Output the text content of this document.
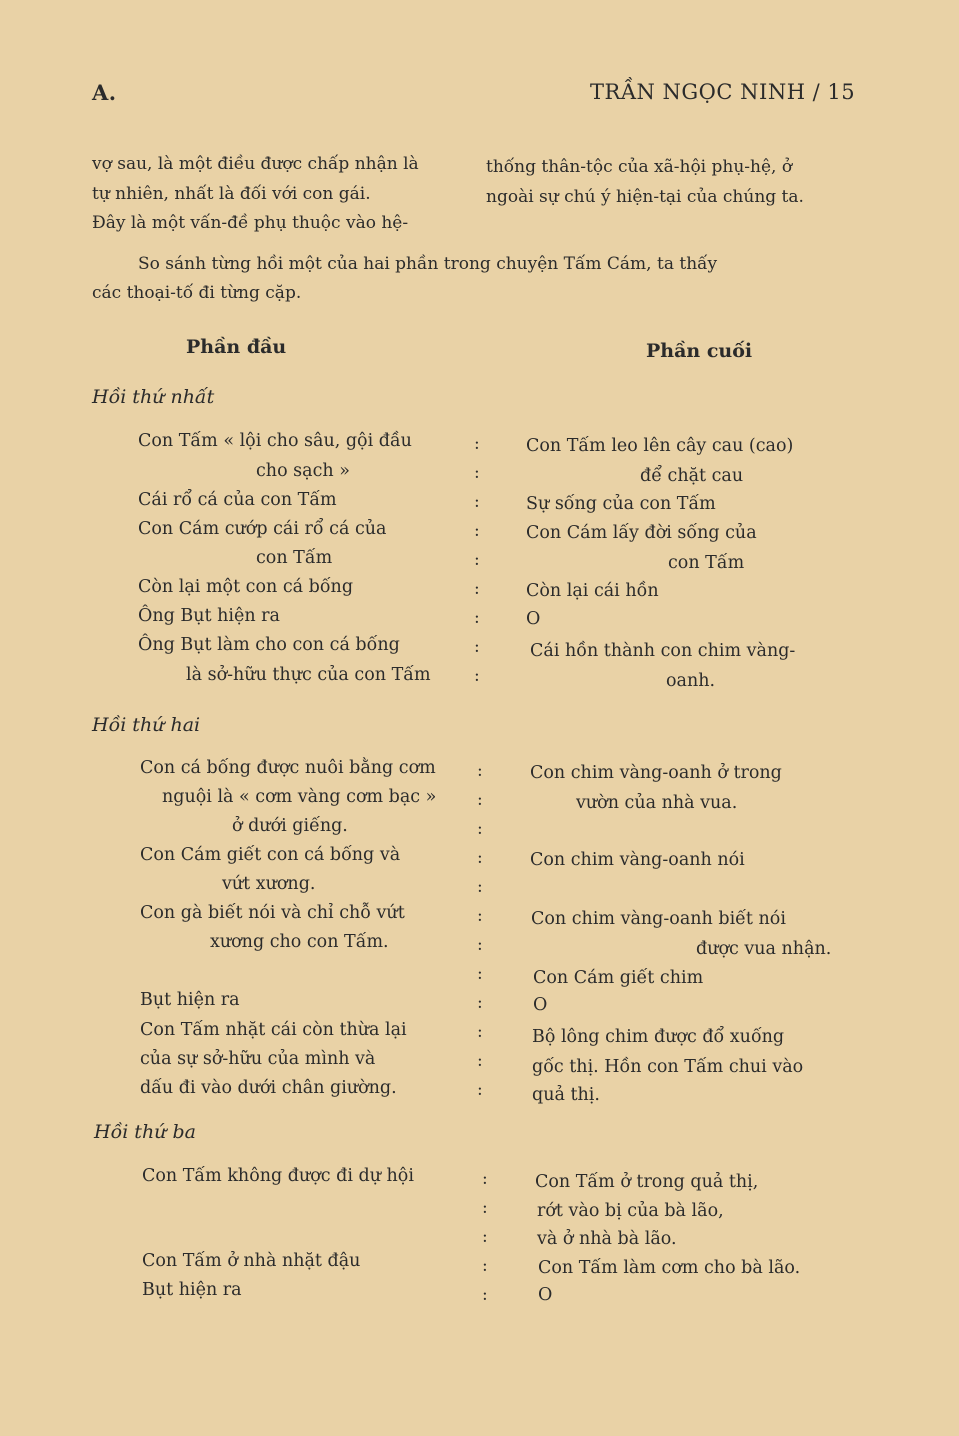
A.	TRẦN NGỌC NINH / 15
vợ sau, là một điều được chấp nhận là
tự nhiên, nhất là đối với con gái.
Đây là một vấn-đề phụ thuộc vào hệ-
thống thân-tộc của xã-hội phụ-hệ, ở
ngoài sự chú ý hiện-tại của chúng ta.
So sánh từng hồi một của hai phần trong chuyện Tấm Cám, ta thấy
các thoại-tố đi từng cặp.
Phần đầu	Phần cuối
Hồi thứ nhất
Con Tấm « lội cho sâu, gội đầu
cho sạch »
Cái rổ cá của con Tấm
Con Cám cướp cái rổ cá của
con Tấm
Còn lại một con cá bống
Ông Bụt hiện ra
Ông Bụt làm cho con cá bống
là sở-hữu thực của con Tấm
:
:
:
:
:
:
:
:
:
Con Tấm leo lên cây cau (cao)
để chặt cau
Sự sống của con Tấm
Con Cám lấy đời sống của
con Tấm
Còn lại cái hồn
O
Cái hồn thành con chim vàng-
oanh.
Hồi thứ hai
Con cá bống được nuôi bằng cơm
nguội là « cơm vàng cơm bạc »
ở dưới giếng.
Con Cám giết con cá bống và
vứt xương.
Con gà biết nói và chỉ chỗ vứt
xương cho con Tấm.
Bụt hiện ra
Con Tấm nhặt cái còn thừa lại
của sự sở-hữu của mình và
dấu đi vào dưới chân giường.
:
:
:
:
:
:
:
:
:
:
:
:
Con chim vàng-oanh ở trong
vườn của nhà vua.
Con chim vàng-oanh nói
Con chim vàng-oanh biết nói
được vua nhận.
Con Cám giết chim
O
Bộ lông chim được đổ xuống
gốc thị. Hồn con Tấm chui vào
quả thị.
Hồi thứ ba
Con Tấm không được đi dự hội
Con Tấm ở nhà nhặt đậu
Bụt hiện ra
:
:
:
:
:
Con Tấm ở trong quả thị,
rớt vào bị của bà lão,
và ở nhà bà lão.
Con Tấm làm cơm cho bà lão.
O
